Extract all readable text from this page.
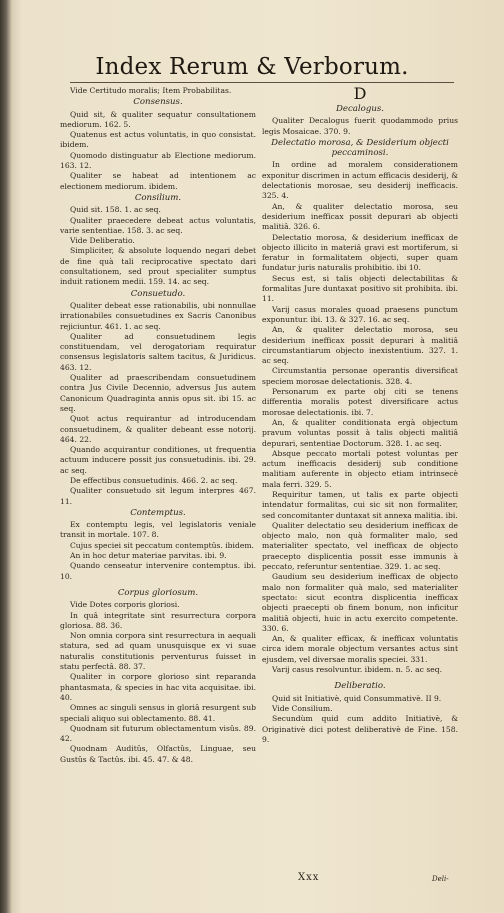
Index Rerum & Verborum.

Vide Certitudo moralis; Item Probabilitas.

Consensus.

Quid sit, & qualiter sequatur consultationem mediorum. 162. 5.

Quatenus est actus voluntatis, in quo consistat. ibidem.

Quomodo distinguatur ab Electione mediorum. 163. 12.

Qualiter se habeat ad intentionem ac electionem mediorum. ibidem.

Consilium.

Quid sit. 158. 1. ac seq.

Qualiter praecedere debeat actus voluntatis, varie sententiae. 158. 3. ac seq.

Vide Deliberatio.

Simpliciter, & absolute loquendo negari debet de fine quà tali reciprocative spectato dari consultationem, sed prout specialiter sumptus induit rationem medii. 159. 14. ac seq.

Consuetudo.

Qualiter debeat esse rationabilis, ubi nonnullae irrationabiles consuetudines ex Sacris Canonibus rejiciuntur. 461. 1. ac seq.

Qualiter ad consuetudinem legis constituendam, vel derogatoriam requiratur consensus legislatoris saltem tacitus, & Juridicus. 463. 12.

Qualiter ad praescribendam consuetudinem contra Jus Civile Decennio, adversus Jus autem Canonicum Quadraginta annis opus sit. ibi 15. ac seq.

Quot actus requirantur ad introducendam consuetudinem, & qualiter debeant esse notorij. 464. 22.

Quando acquirantur conditiones, ut frequentia actuum inducere possit jus consuetudinis. ibi. 29. ac seq.

De effectibus consuetudinis. 466. 2. ac seq.

Qualiter consuetudo sit legum interpres 467. 11.

Contemptus.

Ex contemptu legis, vel legislatoris veniale transit in mortale. 107. 8.

Cujus speciei sit peccatum contemptûs. ibidem.

An in hoc detur materiae parvitas. ibi. 9.

Quando censeatur intervenire contemptus. ibi. 10.

Corpus gloriosum.

Vide Dotes corporis gloriosi.

In quâ integritate sint resurrectura corpora gloriosa. 88. 36.

Non omnia corpora sint resurrectura in aequali statura, sed ad quam unusquisque ex vi suae naturalis constitutionis perventurus fuisset in statu perfectâ. 88. 37.

Qualiter in corpore glorioso sint reparanda phantasmata, & species in hac vita acquisitae. ibi. 40.

Omnes ac singuli sensus in gloriâ resurgent sub speciali aliquo sui oblectamento. 88. 41.

Quodnam sit futurum oblectamentum visûs. 89. 42.

Quodnam Auditûs, Olfactûs, Linguae, seu Gustûs & Tactûs. ibi. 45. 47. & 48.

D

Decalogus.

Qualiter Decalogus fuerit quodammodo prius legis Mosaicae. 370. 9.

Delectatio morosa, & Desiderium objecti peccaminosi.

In ordine ad moralem considerationem exponitur discrimen in actum efficacis desiderij, & delectationis morosae, seu desiderij inefficacis. 325. 4.

An, & qualiter delectatio morosa, seu desiderium inefficax possit depurari ab objecti malitiâ. 326. 6.

Delectatio morosa, & desiderium inefficax de objecto illicito in materiâ gravi est mortiferum, si feratur in formalitatem objecti, super quam fundatur juris naturalis prohibitio. ibi 10.

Secus est, si talis objecti delectabilitas & formalitas Jure duntaxat positivo sit prohibita. ibi. 11.

Varij casus morales quoad praesens punctum exponuntur. ibi. 13. & 327. 16. ac seq.

An, & qualiter delectatio morosa, seu desiderium inefficax possit depurari à malitiâ circumstantiarum objecto inexistentium. 327. 1. ac seq.

Circumstantia personae operantis diversificat speciem morosae delectationis. 328. 4.

Personarum ex parte obj citi se tenens differentia moralis potest diversificare actus morosae delectationis. ibi. 7.

An, & qualiter conditionata ergà objectum pravum voluntas possit à talis objecti malitiâ depurari, sententiae Doctorum. 328. 1. ac seq.

Absque peccato mortali potest voluntas per actum inefficacis desiderij sub conditione malitiam auferente in objecto etiam intrinsecè mala ferri. 329. 5.

Requiritur tamen, ut talis ex parte objecti intendatur formalitas, cui sic sit non formaliter, sed concomitanter duntaxat sit annexa malitia. ibi.

Qualiter delectatio seu desiderium inefficax de objecto malo, non quà formaliter malo, sed materialiter spectato, vel inefficax de objecto praecepto displicentia possit esse immunis à peccato, referuntur sententiae. 329. 1. ac seq.

Gaudium seu desiderium inefficax de objecto malo non formaliter quà malo, sed materialiter spectato: sicut econtra displicentia inefficax objecti praecepti ob finem bonum, non inficitur malitiâ objecti, huic in actu exercito competente. 330. 6.

An, & qualiter efficax, & inefficax voluntatis circa idem morale objectum versantes actus sint ejusdem, vel diversae moralis speciei. 331.

Varij casus resolvuntur. ibidem. n. 5. ac seq.

Deliberatio.

Quid sit Initiativè, quid Consummativè. II 9.

Vide Consilium.

Secundùm quid cum addito Initiativè, & Originativè dici potest deliberativè de Fine. 158. 9.

Xxx	Deli-
